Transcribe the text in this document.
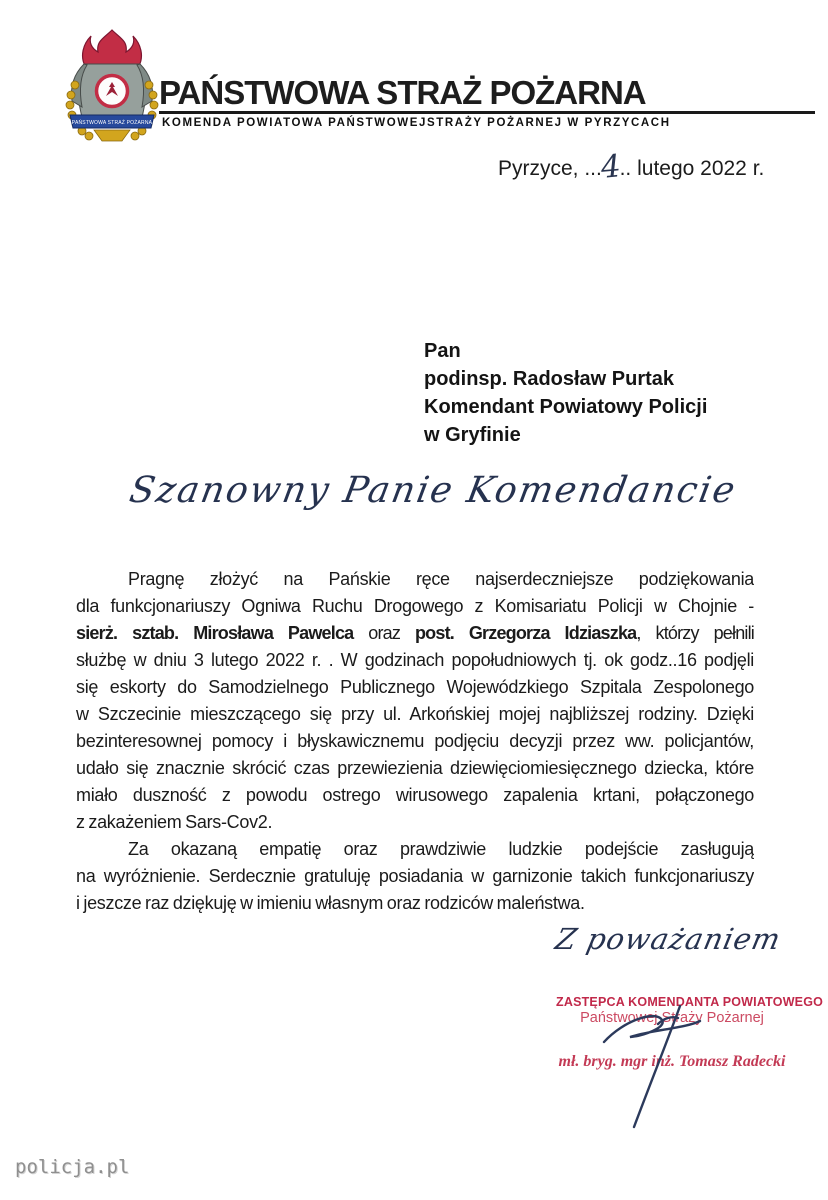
PAŃSTWOWA STRAŻ POŻARNA
PAŃSTWOWA STRAŻ POŻARNA
KOMENDA POWIATOWA PAŃSTWOWEJSTRAŻY POŻARNEJ W PYRZYCACH
Pyrzyce, ...4.. lutego 2022 r.
Pan
podinsp. Radosław Purtak
Komendant Powiatowy Policji
w Gryfinie
Szanowny Panie Komendancie
Pragnę złożyć na Pańskie ręce najserdeczniejsze podziękowania
dla funkcjonariuszy Ogniwa Ruchu Drogowego z Komisariatu Policji w Chojnie -
sierż. sztab. Mirosława Pawelca oraz post. Grzegorza Idziaszka, którzy pełnili
służbę w dniu 3 lutego 2022 r. . W godzinach popołudniowych tj. ok godz..16 podjęli
się eskorty do Samodzielnego Publicznego Wojewódzkiego Szpitala Zespolonego
w Szczecinie mieszczącego się przy ul. Arkońskiej mojej najbliższej rodziny. Dzięki
bezinteresownej pomocy i błyskawicznemu podjęciu decyzji przez ww. policjantów,
udało się znacznie skrócić czas przewiezienia dziewięciomiesięcznego dziecka, które
miało duszność z powodu ostrego wirusowego zapalenia krtani, połączonego
z zakażeniem Sars-Cov2.
Za okazaną empatię oraz prawdziwie ludzkie podejście zasługują
na wyróżnienie. Serdecznie gratuluję posiadania w garnizonie takich funkcjonariuszy
i jeszcze raz dziękuję w imieniu własnym oraz rodziców maleństwa.
Z poważaniem
ZASTĘPCA KOMENDANTA POWIATOWEGO
Państwowej Straży Pożarnej
mł. bryg. mgr inż. Tomasz Radecki
policja.pl
